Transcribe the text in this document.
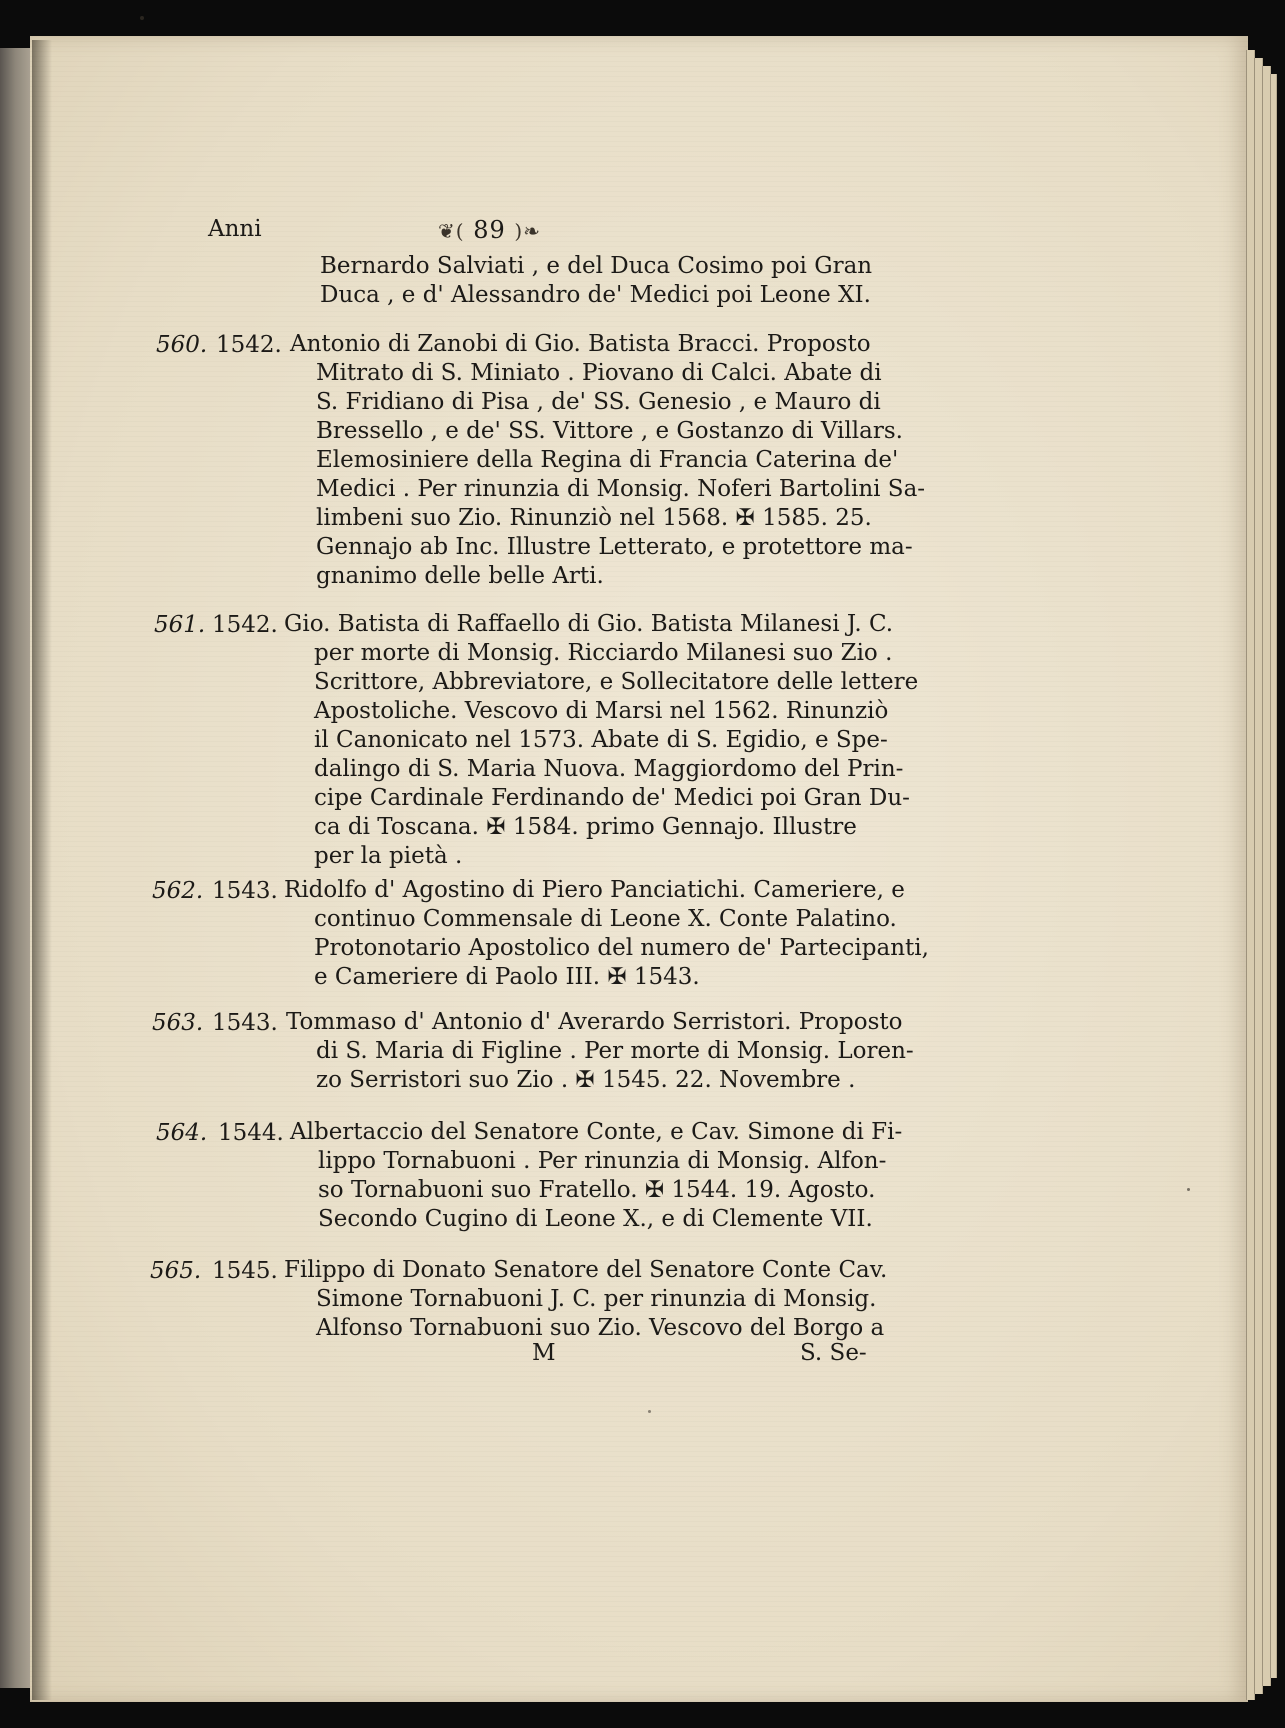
Anni	❦( 89 )❧
Bernardo Salviati , e del Duca Cosimo poi Gran
Duca , e d' Alessandro de' Medici poi Leone XI.
560. 1542. Antonio di Zanobi di Gio. Batista Bracci. Proposto
Mitrato di S. Miniato . Piovano di Calci. Abate di
S. Fridiano di Pisa , de' SS. Genesio , e Mauro di
Bressello , e de' SS. Vittore , e Gostanzo di Villars.
Elemosiniere della Regina di Francia Caterina de'
Medici . Per rinunzia di Monsig. Noferi Bartolini Sa-
limbeni suo Zio. Rinunziò nel 1568. ✠ 1585. 25.
Gennajo ab Inc. Illustre Letterato, e protettore ma-
gnanimo delle belle Arti.
561. 1542. Gio. Batista di Raffaello di Gio. Batista Milanesi J. C.
per morte di Monsig. Ricciardo Milanesi suo Zio .
Scrittore, Abbreviatore, e Sollecitatore delle lettere
Apostoliche. Vescovo di Marsi nel 1562. Rinunziò
il Canonicato nel 1573. Abate di S. Egidio, e Spe-
dalingo di S. Maria Nuova. Maggiordomo del Prin-
cipe Cardinale Ferdinando de' Medici poi Gran Du-
ca di Toscana. ✠ 1584. primo Gennajo. Illustre
per la pietà .
562. 1543. Ridolfo d' Agostino di Piero Panciatichi. Cameriere, e
continuo Commensale di Leone X. Conte Palatino.
Protonotario Apostolico del numero de' Partecipanti,
e Cameriere di Paolo III. ✠ 1543.
563. 1543. Tommaso d' Antonio d' Averardo Serristori. Proposto
di S. Maria di Figline . Per morte di Monsig. Loren-
zo Serristori suo Zio . ✠ 1545. 22. Novembre .
564. 1544. Albertaccio del Senatore Conte, e Cav. Simone di Fi-
lippo Tornabuoni . Per rinunzia di Monsig. Alfon-
so Tornabuoni suo Fratello. ✠ 1544. 19. Agosto.
Secondo Cugino di Leone X., e di Clemente VII.
565. 1545. Filippo di Donato Senatore del Senatore Conte Cav.
Simone Tornabuoni J. C. per rinunzia di Monsig.
Alfonso Tornabuoni suo Zio. Vescovo del Borgo a
M	S. Se-
